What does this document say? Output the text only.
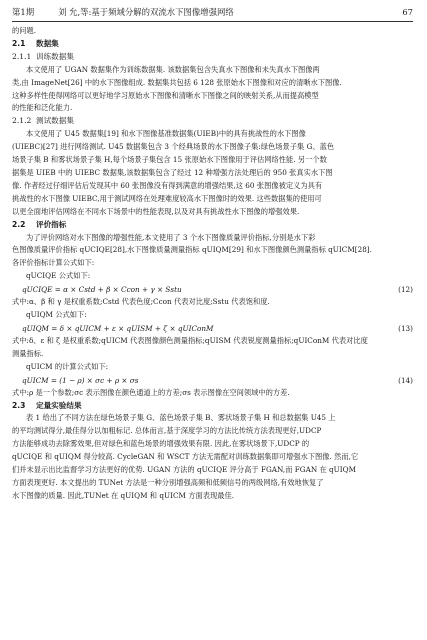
第1期	刘 允,等:基于频域分解的双流水下图像增强网络	67
的问题.
2.1 数据集
2.1.1 训练数据集

本文使用了 UGAN 数据集作为训练数据集. 该数据集包含失真水下图像和未失真水下图像两

类,由 ImageNet[26] 中的水下图像组成. 数据集共包括 6 128 张原始水下图像和对应的清晰水下图像.
这种多样性使得网络可以更好地学习原始水下图像和清晰水下图像之间的映射关系,从而提高模型
的性能和泛化能力.
2.1.2 测试数据集

本文使用了 U45 数据集[19] 和水下图像基准数据集(UIEB)中的具有挑战性的水下图像

(UIEBC)[27] 进行网络测试. U45 数据集包含 3 个经典场景的水下图像子集:绿色场景子集 G、蓝色
场景子集 B 和雾状场景子集 H,每个场景子集包含 15 张原始水下图像用于评估网络性能. 另一个数
据集是 UIEB 中的 UIEBC 数据集,该数据集包含了经过 12 种增强方法处理后的 950 张真实水下图
像. 作者经过仔细评估后发现其中 60 张图像没有得到满意的增强结果,这 60 张图像被定义为具有
挑战性的水下图像 UIEBC,用于测试网络在处理难度较高水下图像时的效果. 这些数据集的使用可
以更全面地评估网络在不同水下场景中的性能表现,以及对具有挑战性水下图像的增强效果.
2.2 评价指标

为了评价网络对水下图像的增强性能,本文使用了 3 个水下图像质量评价指标,分别是水下彩

色图像质量评价指标 qUCIQE[28],水下图像质量测量指标 qUIQM[29] 和水下图像颜色测量指标 qUICM[28].
各评价指标计算公式如下:
qUCIQE 公式如下:
qUCIQE = α × Cstd + β × Ccon + γ × Sstu	(12)
式中:α、β 和 γ 是权重系数;Cstd 代表色度;Ccon 代表对比度;Sstu 代表饱和度.
qUIQM 公式如下:
qUIQM = δ × qUICM + ε × qUISM + ζ × qUIConM	(13)
式中:δ、ε 和 ζ 是权重系数;qUICM 代表图像颜色测量指标;qUISM 代表锐度测量指标;qUIConM 代表对比度
测量指标.
qUICM 的计算公式如下:
qUICM = (1 − ρ) × σc + ρ × σs	(14)
式中:ρ 是一个参数;σc 表示图像在颜色通道上的方差;σs 表示图像在空间领域中的方差.
2.3 定量实验结果

表 1 给出了不同方法在绿色场景子集 G、蓝色场景子集 B、雾状场景子集 H 和总数据集 U45 上

的平均测试得分,最佳得分以加粗标记. 总体而言,基于深度学习的方法比传统方法表现更好,UDCP
方法能够成功去除雾效果,但对绿色和蓝色场景的增强效果有限. 因此,在雾状场景下,UDCP 的
qUCIQE 和 qUIQM 得分较高. CycleGAN 和 WSCT 方法无需配对训练数据集即可增强水下图像. 然而,它
们并未显示出比监督学习方法更好的优势. UGAN 方法的 qUCIQE 评分高于 FGAN,而 FGAN 在 qUIQM
方面表现更好. 本文提出的 TUNet 方法是一种分别增强高频和低频信号的两级网络,有效地恢复了
水下图像的质量. 因此,TUNet 在 qUIQM 和 qUICM 方面表现最佳.
